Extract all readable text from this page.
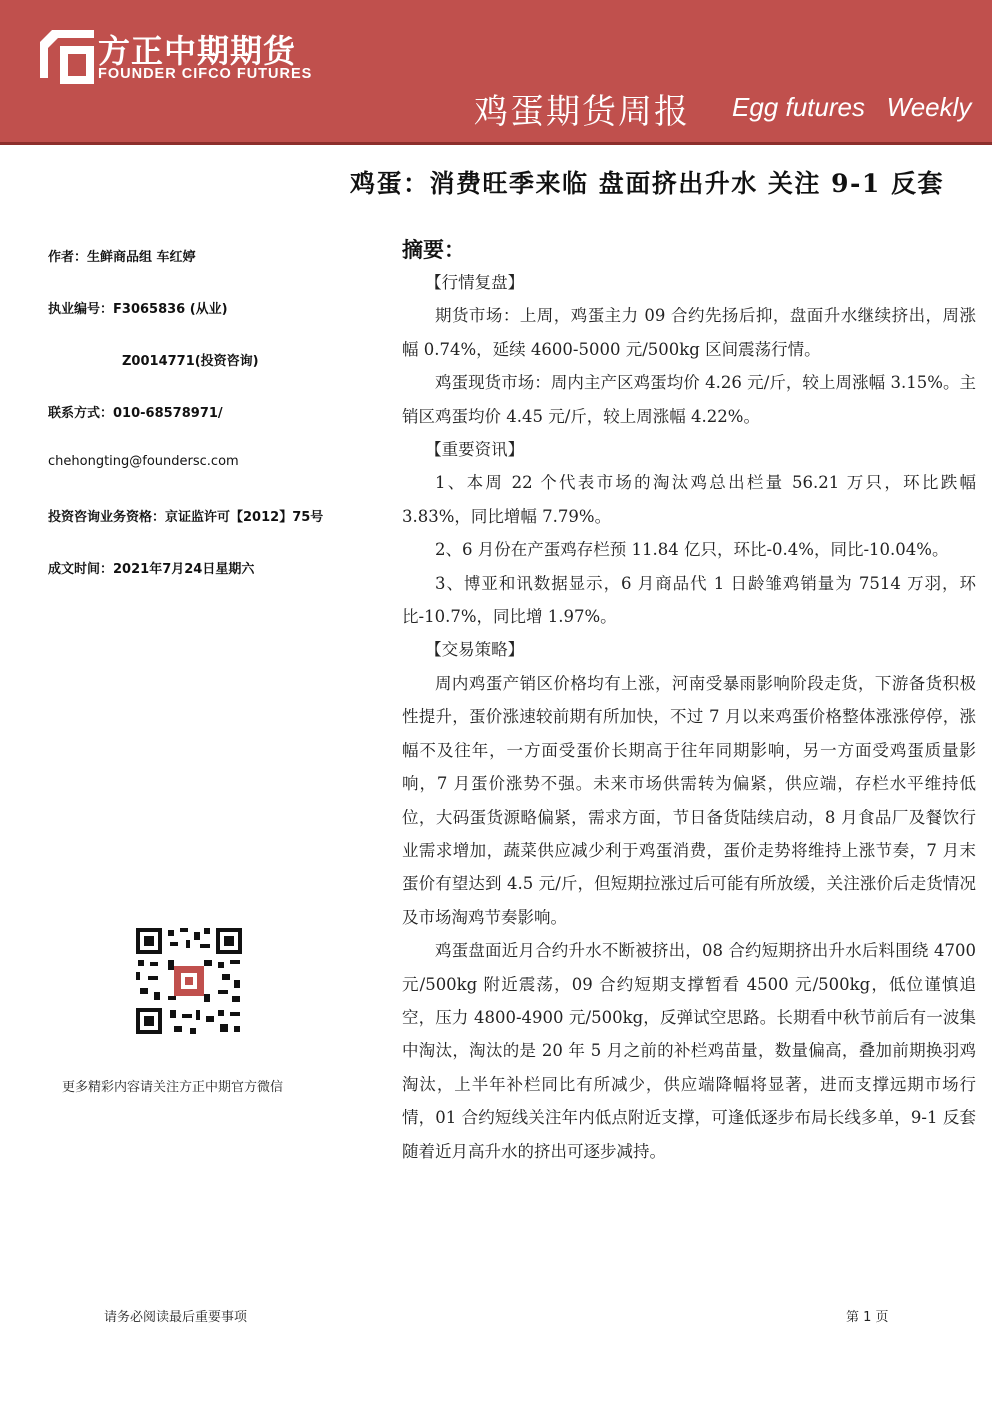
方正中期期货
FOUNDER CIFCO FUTURES
鸡蛋期货周报 Egg futures   Weekly
鸡蛋：消费旺季来临 盘面挤出升水 关注 9-1 反套
作者：生鲜商品组 车红婷
执业编号：F3065836 (从业)
Z0014771(投资咨询)
联系方式：010-68578971/
chehongting@foundersc.com
投资咨询业务资格：京证监许可【2012】75号
成文时间：2021年7月24日星期六
更多精彩内容请关注方正中期官方微信
摘要：

【行情复盘】

期货市场：上周，鸡蛋主力 09 合约先扬后抑，盘面升水继续挤出，周涨幅 0.74%，延续 4600-5000 元/500kg 区间震荡行情。

鸡蛋现货市场：周内主产区鸡蛋均价 4.26 元/斤，较上周涨幅 3.15%。主销区鸡蛋均价 4.45 元/斤，较上周涨幅 4.22%。

【重要资讯】

1、本周 22 个代表市场的淘汰鸡总出栏量 56.21 万只，环比跌幅 3.83%，同比增幅 7.79%。

2、6 月份在产蛋鸡存栏预 11.84 亿只，环比-0.4%，同比-10.04%。

3、博亚和讯数据显示，6 月商品代 1 日龄雏鸡销量为 7514 万羽，环比-10.7%，同比增 1.97%。

【交易策略】

周内鸡蛋产销区价格均有上涨，河南受暴雨影响阶段走货，下游备货积极性提升，蛋价涨速较前期有所加快，不过 7 月以来鸡蛋价格整体涨涨停停，涨幅不及往年，一方面受蛋价长期高于往年同期影响，另一方面受鸡蛋质量影响，7 月蛋价涨势不强。未来市场供需转为偏紧，供应端，存栏水平维持低位，大码蛋货源略偏紧，需求方面，节日备货陆续启动，8 月食品厂及餐饮行业需求增加，蔬菜供应减少利于鸡蛋消费，蛋价走势将维持上涨节奏，7 月末蛋价有望达到 4.5 元/斤，但短期拉涨过后可能有所放缓，关注涨价后走货情况及市场淘鸡节奏影响。

鸡蛋盘面近月合约升水不断被挤出，08 合约短期挤出升水后料围绕 4700 元/500kg 附近震荡，09 合约短期支撑暂看 4500 元/500kg，低位谨慎追空，压力 4800-4900 元/500kg，反弹试空思路。长期看中秋节前后有一波集中淘汰，淘汰的是 20 年 5 月之前的补栏鸡苗量，数量偏高，叠加前期换羽鸡淘汰，上半年补栏同比有所减少，供应端降幅将显著，进而支撑远期市场行情，01 合约短线关注年内低点附近支撑，可逢低逐步布局长线多单，9-1 反套随着近月高升水的挤出可逐步减持。

请务必阅读最后重要事项	第 1 页
